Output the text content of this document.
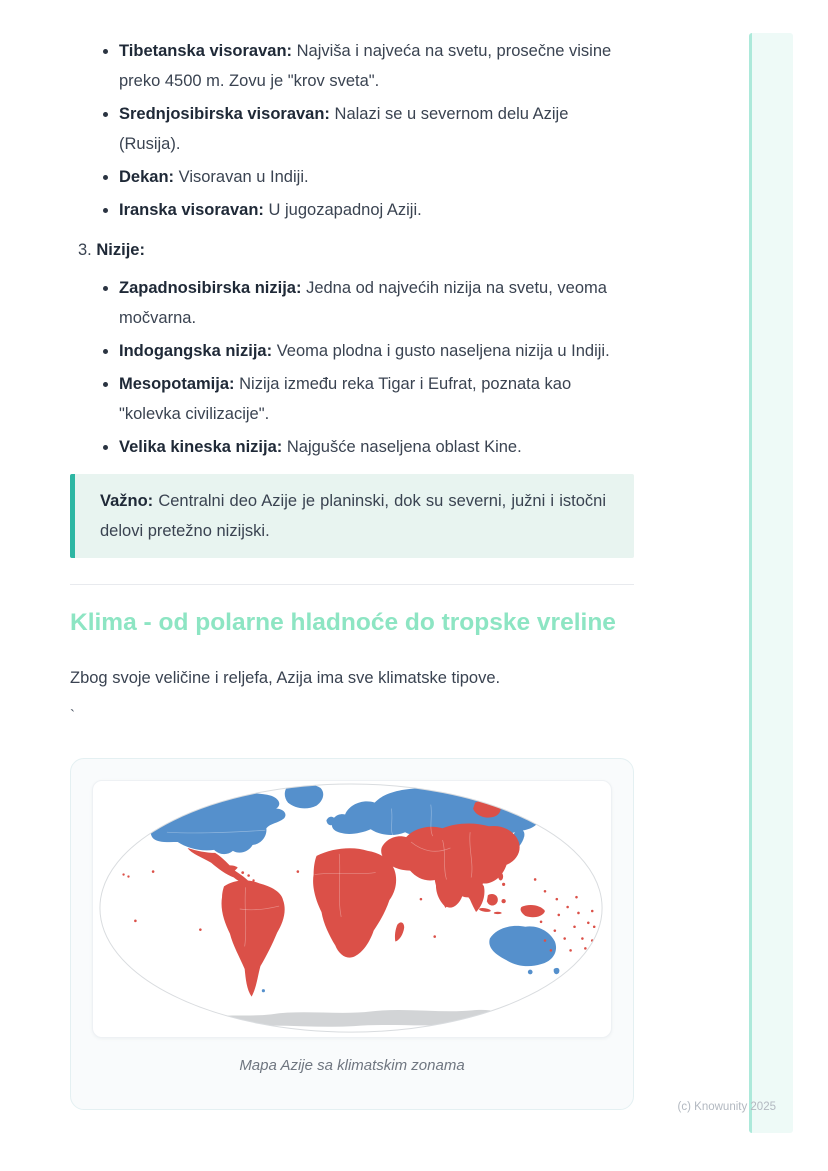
• Tibetanska visoravan: Najviša i najveća na svetu, prosečne visine preko 4500 m. Zovu je "krov sveta".
• Srednjosibirska visoravan: Nalazi se u severnom delu Azije (Rusija).
• Dekan: Visoravan u Indiji.
• Iranska visoravan: U jugozapadnoj Aziji.
3. Nizije:
• Zapadnosibirska nizija: Jedna od najvećih nizija na svetu, veoma močvarna.
• Indogangska nizija: Veoma plodna i gusto naseljena nizija u Indiji.
• Mesopotamija: Nizija između reka Tigar i Eufrat, poznata kao "kolevka civilizacije".
• Velika kineska nizija: Najgušće naseljena oblast Kine.

Važno: Centralni deo Azije je planinski, dok su severni, južni i istočni delovi pretežno nizijski.

Klima - od polarne hladnoće do tropske vreline

Zbog svoje veličine i reljefa, Azija ima sve klimatske tipove.

`

Mapa Azije sa klimatskim zonama
(c) Knowunity 2025
